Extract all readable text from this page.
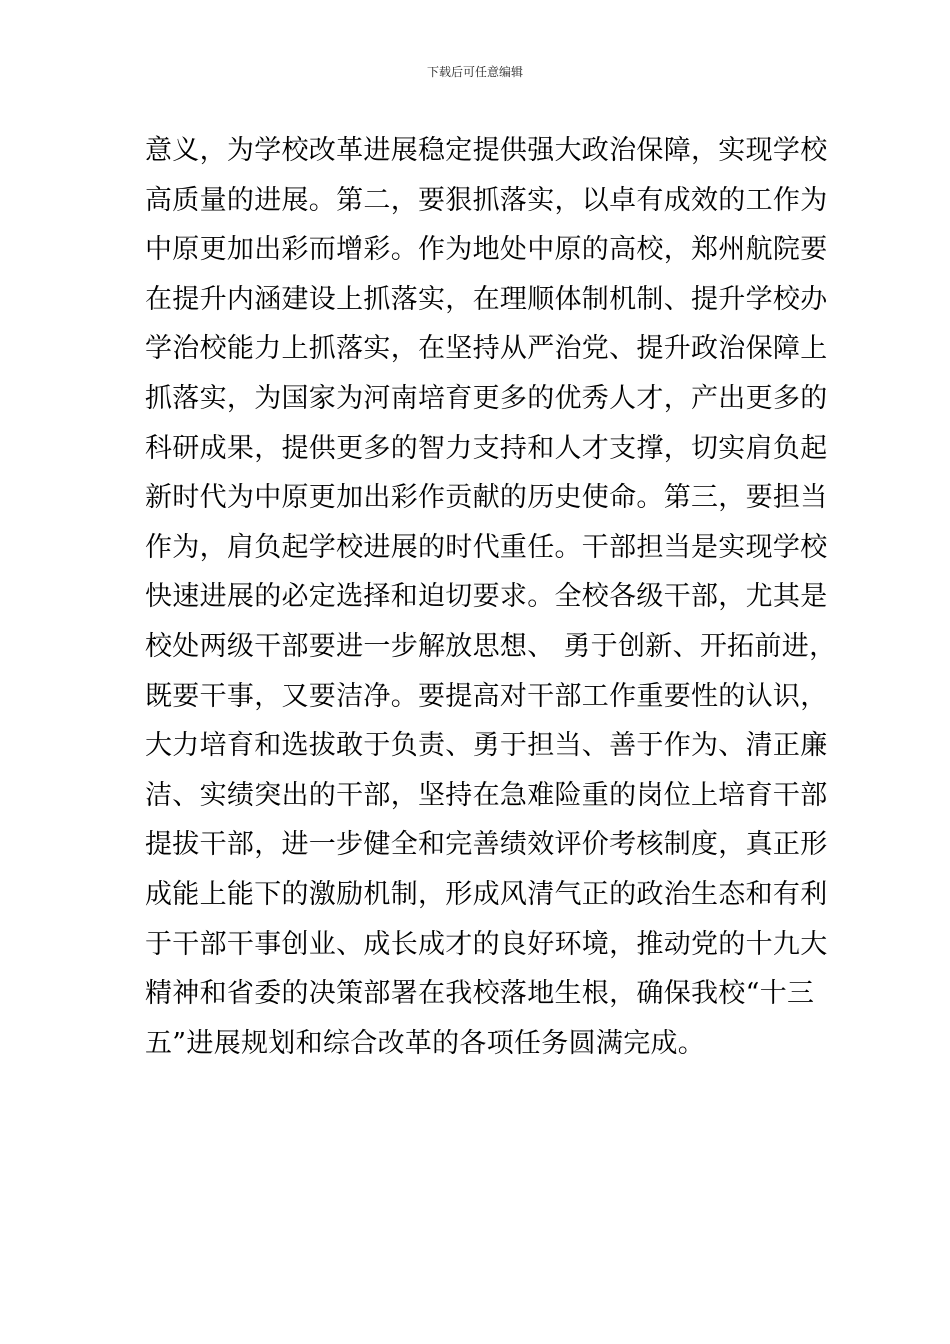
下载后可任意编辑
意义，为学校改革进展稳定提供强大政治保障，实现学校
高质量的进展。第二，要狠抓落实，以卓有成效的工作为
中原更加出彩而增彩。作为地处中原的高校，郑州航院要
在提升内涵建设上抓落实，在理顺体制机制、提升学校办
学治校能力上抓落实，在坚持从严治党、提升政治保障上
抓落实，为国家为河南培育更多的优秀人才，产出更多的
科研成果，提供更多的智力支持和人才支撑，切实肩负起
新时代为中原更加出彩作贡献的历史使命。第三，要担当
作为，肩负起学校进展的时代重任。干部担当是实现学校
快速进展的必定选择和迫切要求。全校各级干部，尤其是
校处两级干部要进一步解放思想、 勇于创新、开拓前进，
既要干事，又要洁净。要提高对干部工作重要性的认识，
大力培育和选拔敢于负责、勇于担当、善于作为、清正廉
洁、实绩突出的干部，坚持在急难险重的岗位上培育干部
提拔干部，进一步健全和完善绩效评价考核制度，真正形
成能上能下的激励机制，形成风清气正的政治生态和有利
于干部干事创业、成长成才的良好环境，推动党的十九大
精神和省委的决策部署在我校落地生根，确保我校“十三
五”进展规划和综合改革的各项任务圆满完成。
